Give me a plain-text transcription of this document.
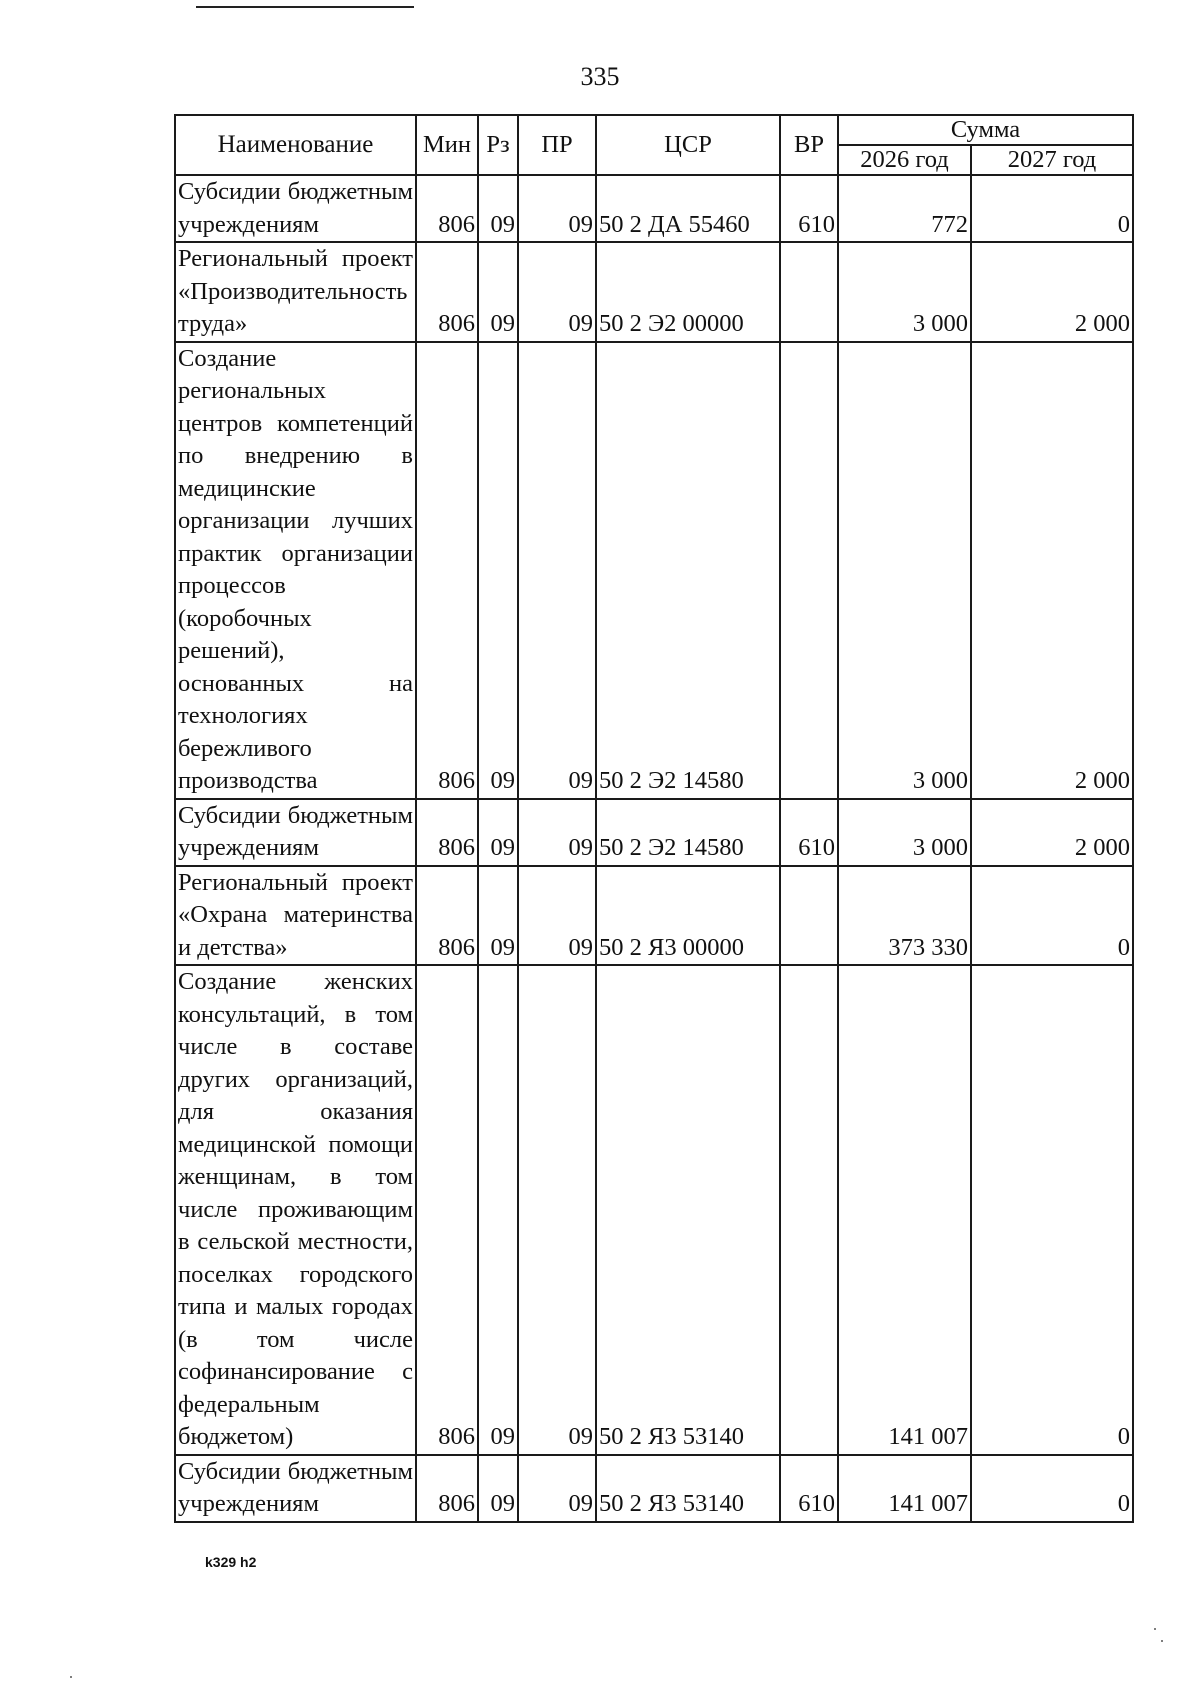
335
Наименование	Мин	Рз	ПР	ЦСР	ВР	Сумма	
						2026 год	2027 год
Субсидии бюджетным учреждениям	806	09	09	50 2 ДА 55460	610	772	0
Региональный проект «Производительность труда»	806	09	09	50 2 Э2 00000		3 000	2 000
Создание региональных центров компетенций по внедрению в медицинские организации лучших практик организации процессов (коробочных решений), основанных на технологиях бережливого производства	806	09	09	50 2 Э2 14580		3 000	2 000
Субсидии бюджетным учреждениям	806	09	09	50 2 Э2 14580	610	3 000	2 000
Региональный проект «Охрана материнства и детства»	806	09	09	50 2 Я3 00000		373 330	0
Создание женских консультаций, в том числе в составе других организаций, для оказания медицинской помощи женщинам, в том числе проживающим в сельской местности, поселках городского типа и малых городах (в том числе софинансирование с федеральным бюджетом)	806	09	09	50 2 Я3 53140		141 007	0
Субсидии бюджетным учреждениям	806	09	09	50 2 Я3 53140	610	141 007	0
k329 h2
